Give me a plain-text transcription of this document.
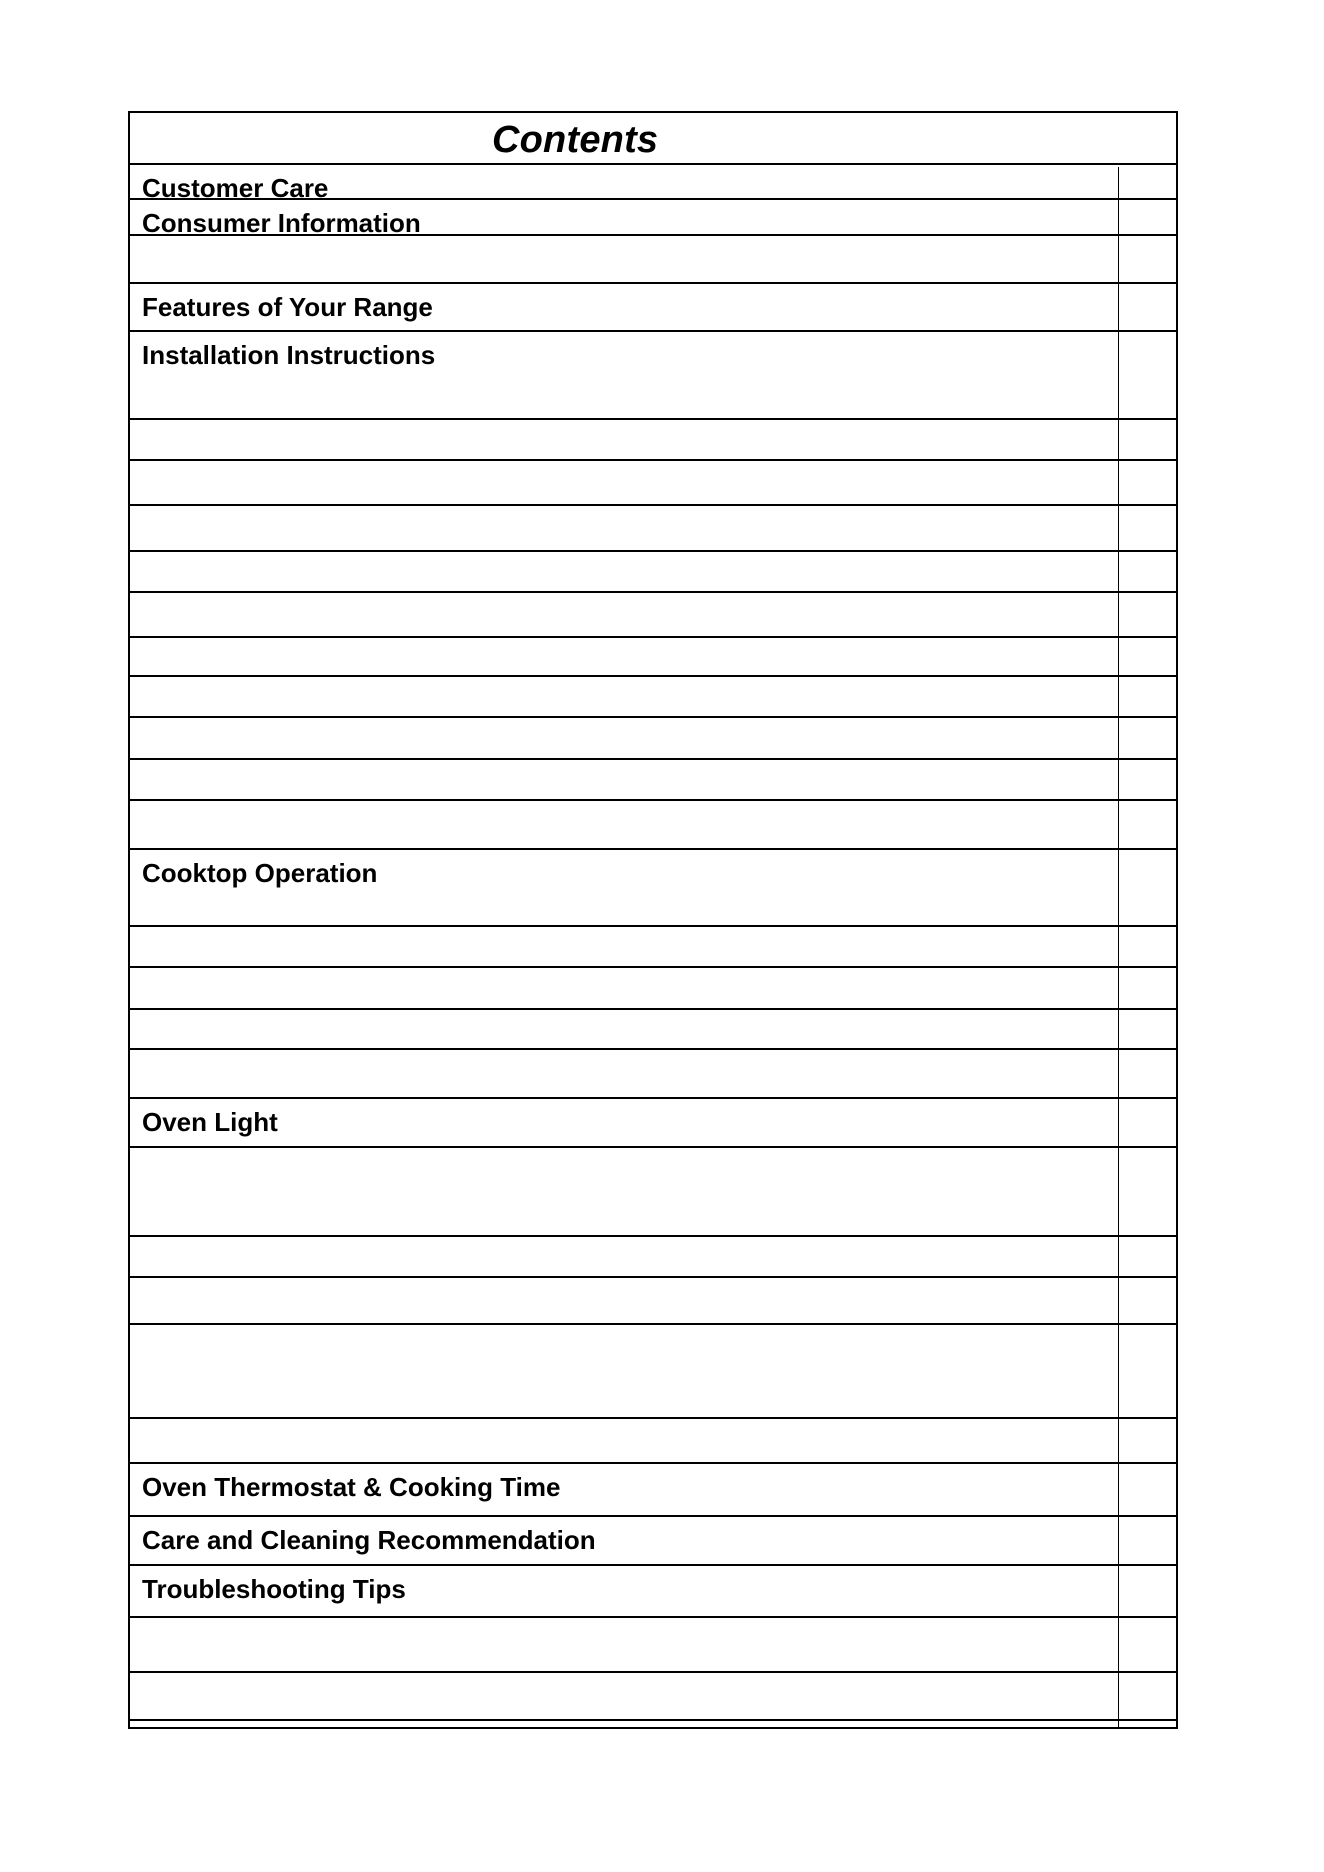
Contents
Customer Care
Consumer Information
Features of Your Range
Installation Instructions
Cooktop Operation
Oven Light
Oven Thermostat & Cooking Time
Care and Cleaning Recommendation
Troubleshooting Tips
